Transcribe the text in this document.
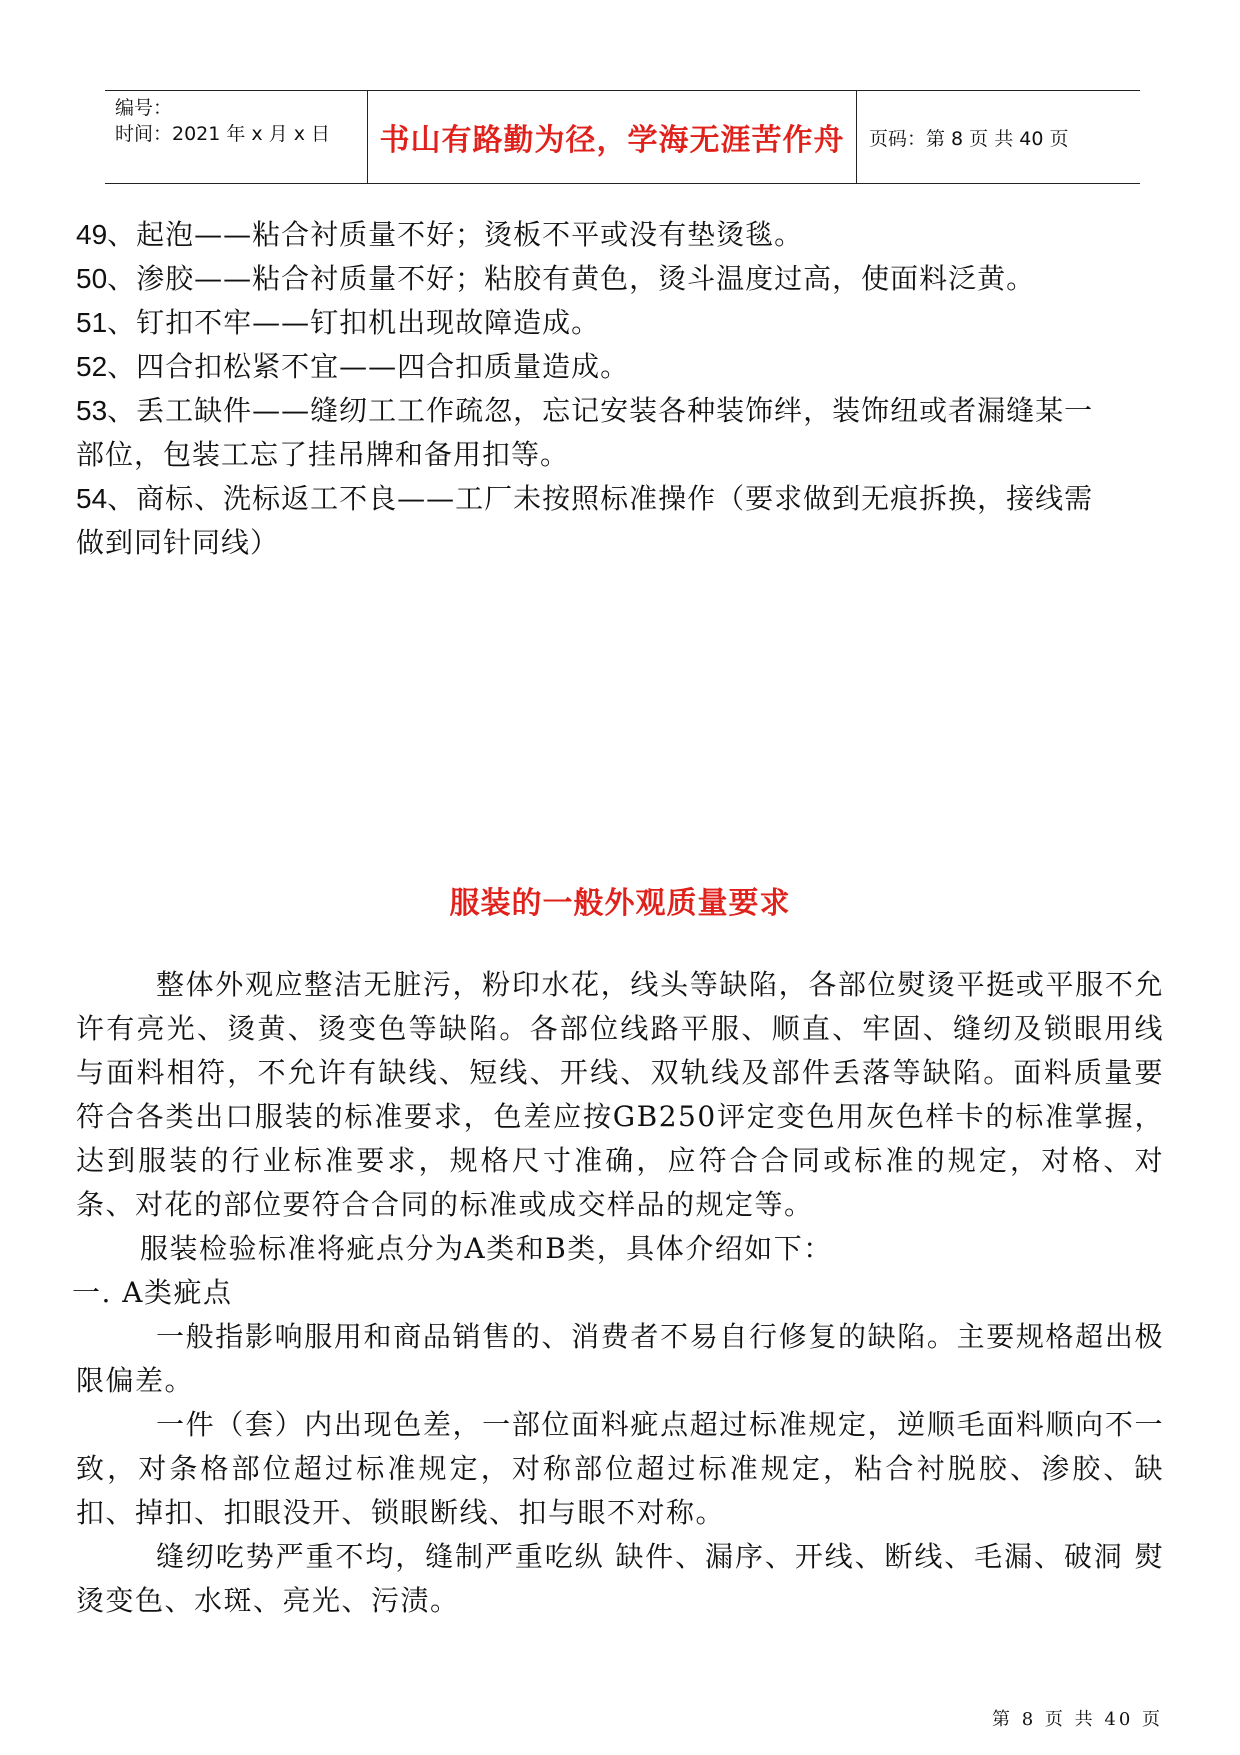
编号：
时间：2021 年 x 月 x 日 书山有路勤为径，学海无涯苦作舟 页码：第 8 页 共 40 页
49、起泡——粘合衬质量不好；烫板不平或没有垫烫毯。
50、渗胶——粘合衬质量不好；粘胶有黄色，烫斗温度过高，使面料泛黄。
51、钉扣不牢——钉扣机出现故障造成。
52、四合扣松紧不宜——四合扣质量造成。
53、丢工缺件——缝纫工工作疏忽，忘记安装各种装饰绊，装饰纽或者漏缝某一
部位，包装工忘了挂吊牌和备用扣等。
54、商标、洗标返工不良——工厂未按照标准操作（要求做到无痕拆换，接线需
做到同针同线）
服装的一般外观质量要求
整体外观应整洁无脏污，粉印水花，线头等缺陷，各部位熨烫平挺或平服不允许有亮光、烫黄、烫变色等缺陷。各部位线路平服、顺直、牢固、缝纫及锁眼用线与面料相符，不允许有缺线、短线、开线、双轨线及部件丢落等缺陷。面料质量要符合各类出口服装的标准要求，色差应按GB250评定变色用灰色样卡的标准掌握，达到服装的行业标准要求，规格尺寸准确，应符合合同或标准的规定，对格、对条、对花的部位要符合合同的标准或成交样品的规定等。
服装检验标准将疵点分为A类和B类，具体介绍如下：
一. A类疵点
一般指影响服用和商品销售的、消费者不易自行修复的缺陷。主要规格超出极限偏差。
一件（套）内出现色差，一部位面料疵点超过标准规定，逆顺毛面料顺向不一致，对条格部位超过标准规定，对称部位超过标准规定，粘合衬脱胶、渗胶、缺扣、掉扣、扣眼没开、锁眼断线、扣与眼不对称。
缝纫吃势严重不均，缝制严重吃纵 缺件、漏序、开线、断线、毛漏、破洞 熨烫变色、水斑、亮光、污渍。
第 8 页 共 40 页
